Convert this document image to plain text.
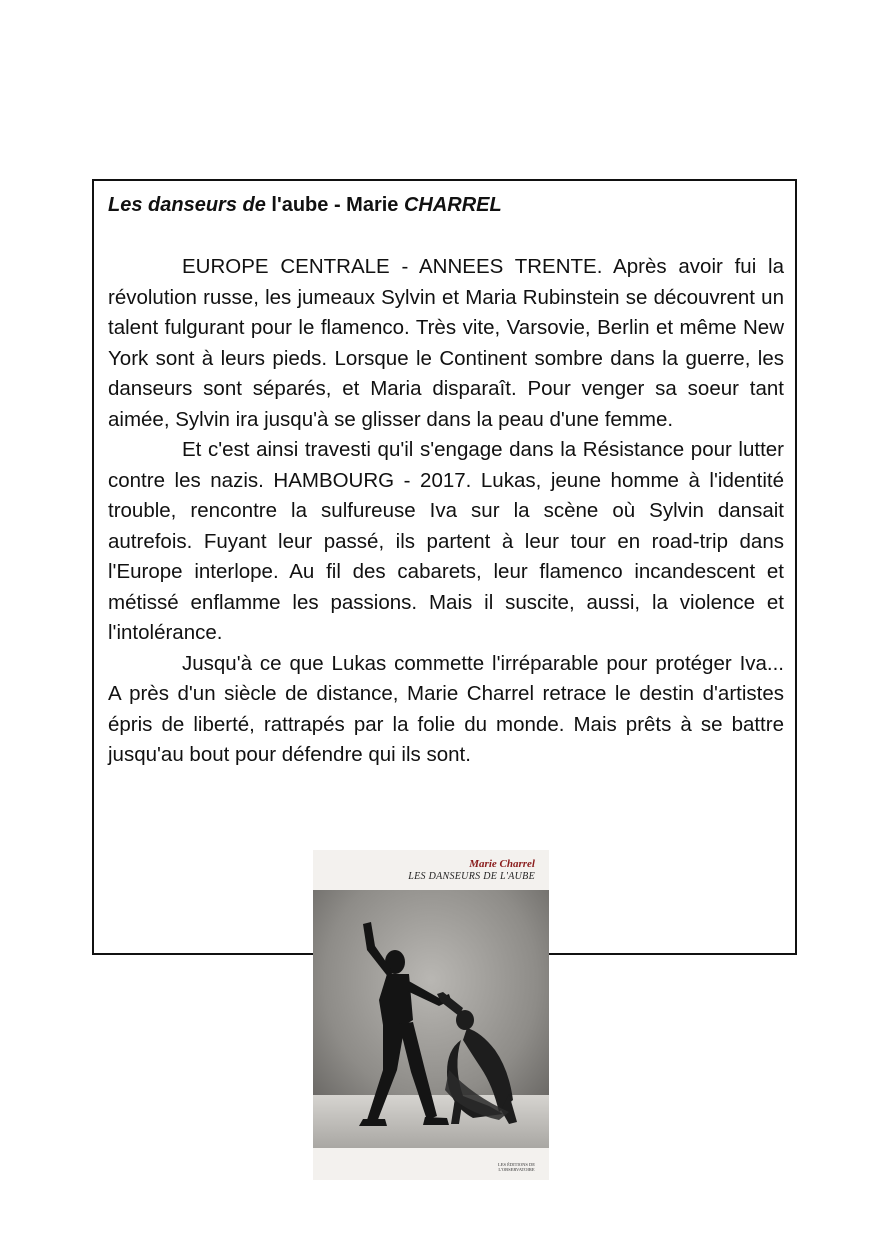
Les danseurs de l'aube - Marie CHARREL

EUROPE CENTRALE - ANNEES TRENTE. Après avoir fui la révolution russe, les jumeaux Sylvin et Maria Rubinstein se découvrent un talent fulgurant pour le flamenco. Très vite, Varsovie, Berlin et même New York sont à leurs pieds. Lorsque le Continent sombre dans la guerre, les danseurs sont séparés, et Maria disparaît. Pour venger sa soeur tant aimée, Sylvin ira jusqu'à se glisser dans la peau d'une femme.

Et c'est ainsi travesti qu'il s'engage dans la Résistance pour lutter contre les nazis. HAMBOURG - 2017. Lukas, jeune homme à l'identité trouble, rencontre la sulfureuse Iva sur la scène où Sylvin dansait autrefois. Fuyant leur passé, ils partent à leur tour en road-trip dans l'Europe interlope. Au fil des cabarets, leur flamenco incandescent et métissé enflamme les passions. Mais il suscite, aussi, la violence et l'intolérance.

Jusqu'à ce que Lukas commette l'irréparable pour protéger Iva... A près d'un siècle de distance, Marie Charrel retrace le destin d'artistes épris de liberté, rattrapés par la folie du monde. Mais prêts à se battre jusqu'au bout pour défendre qui ils sont.

Marie Charrel
LES DANSEURS DE L'AUBE
LES ÉDITIONS DE
L'OBSERVATOIRE
